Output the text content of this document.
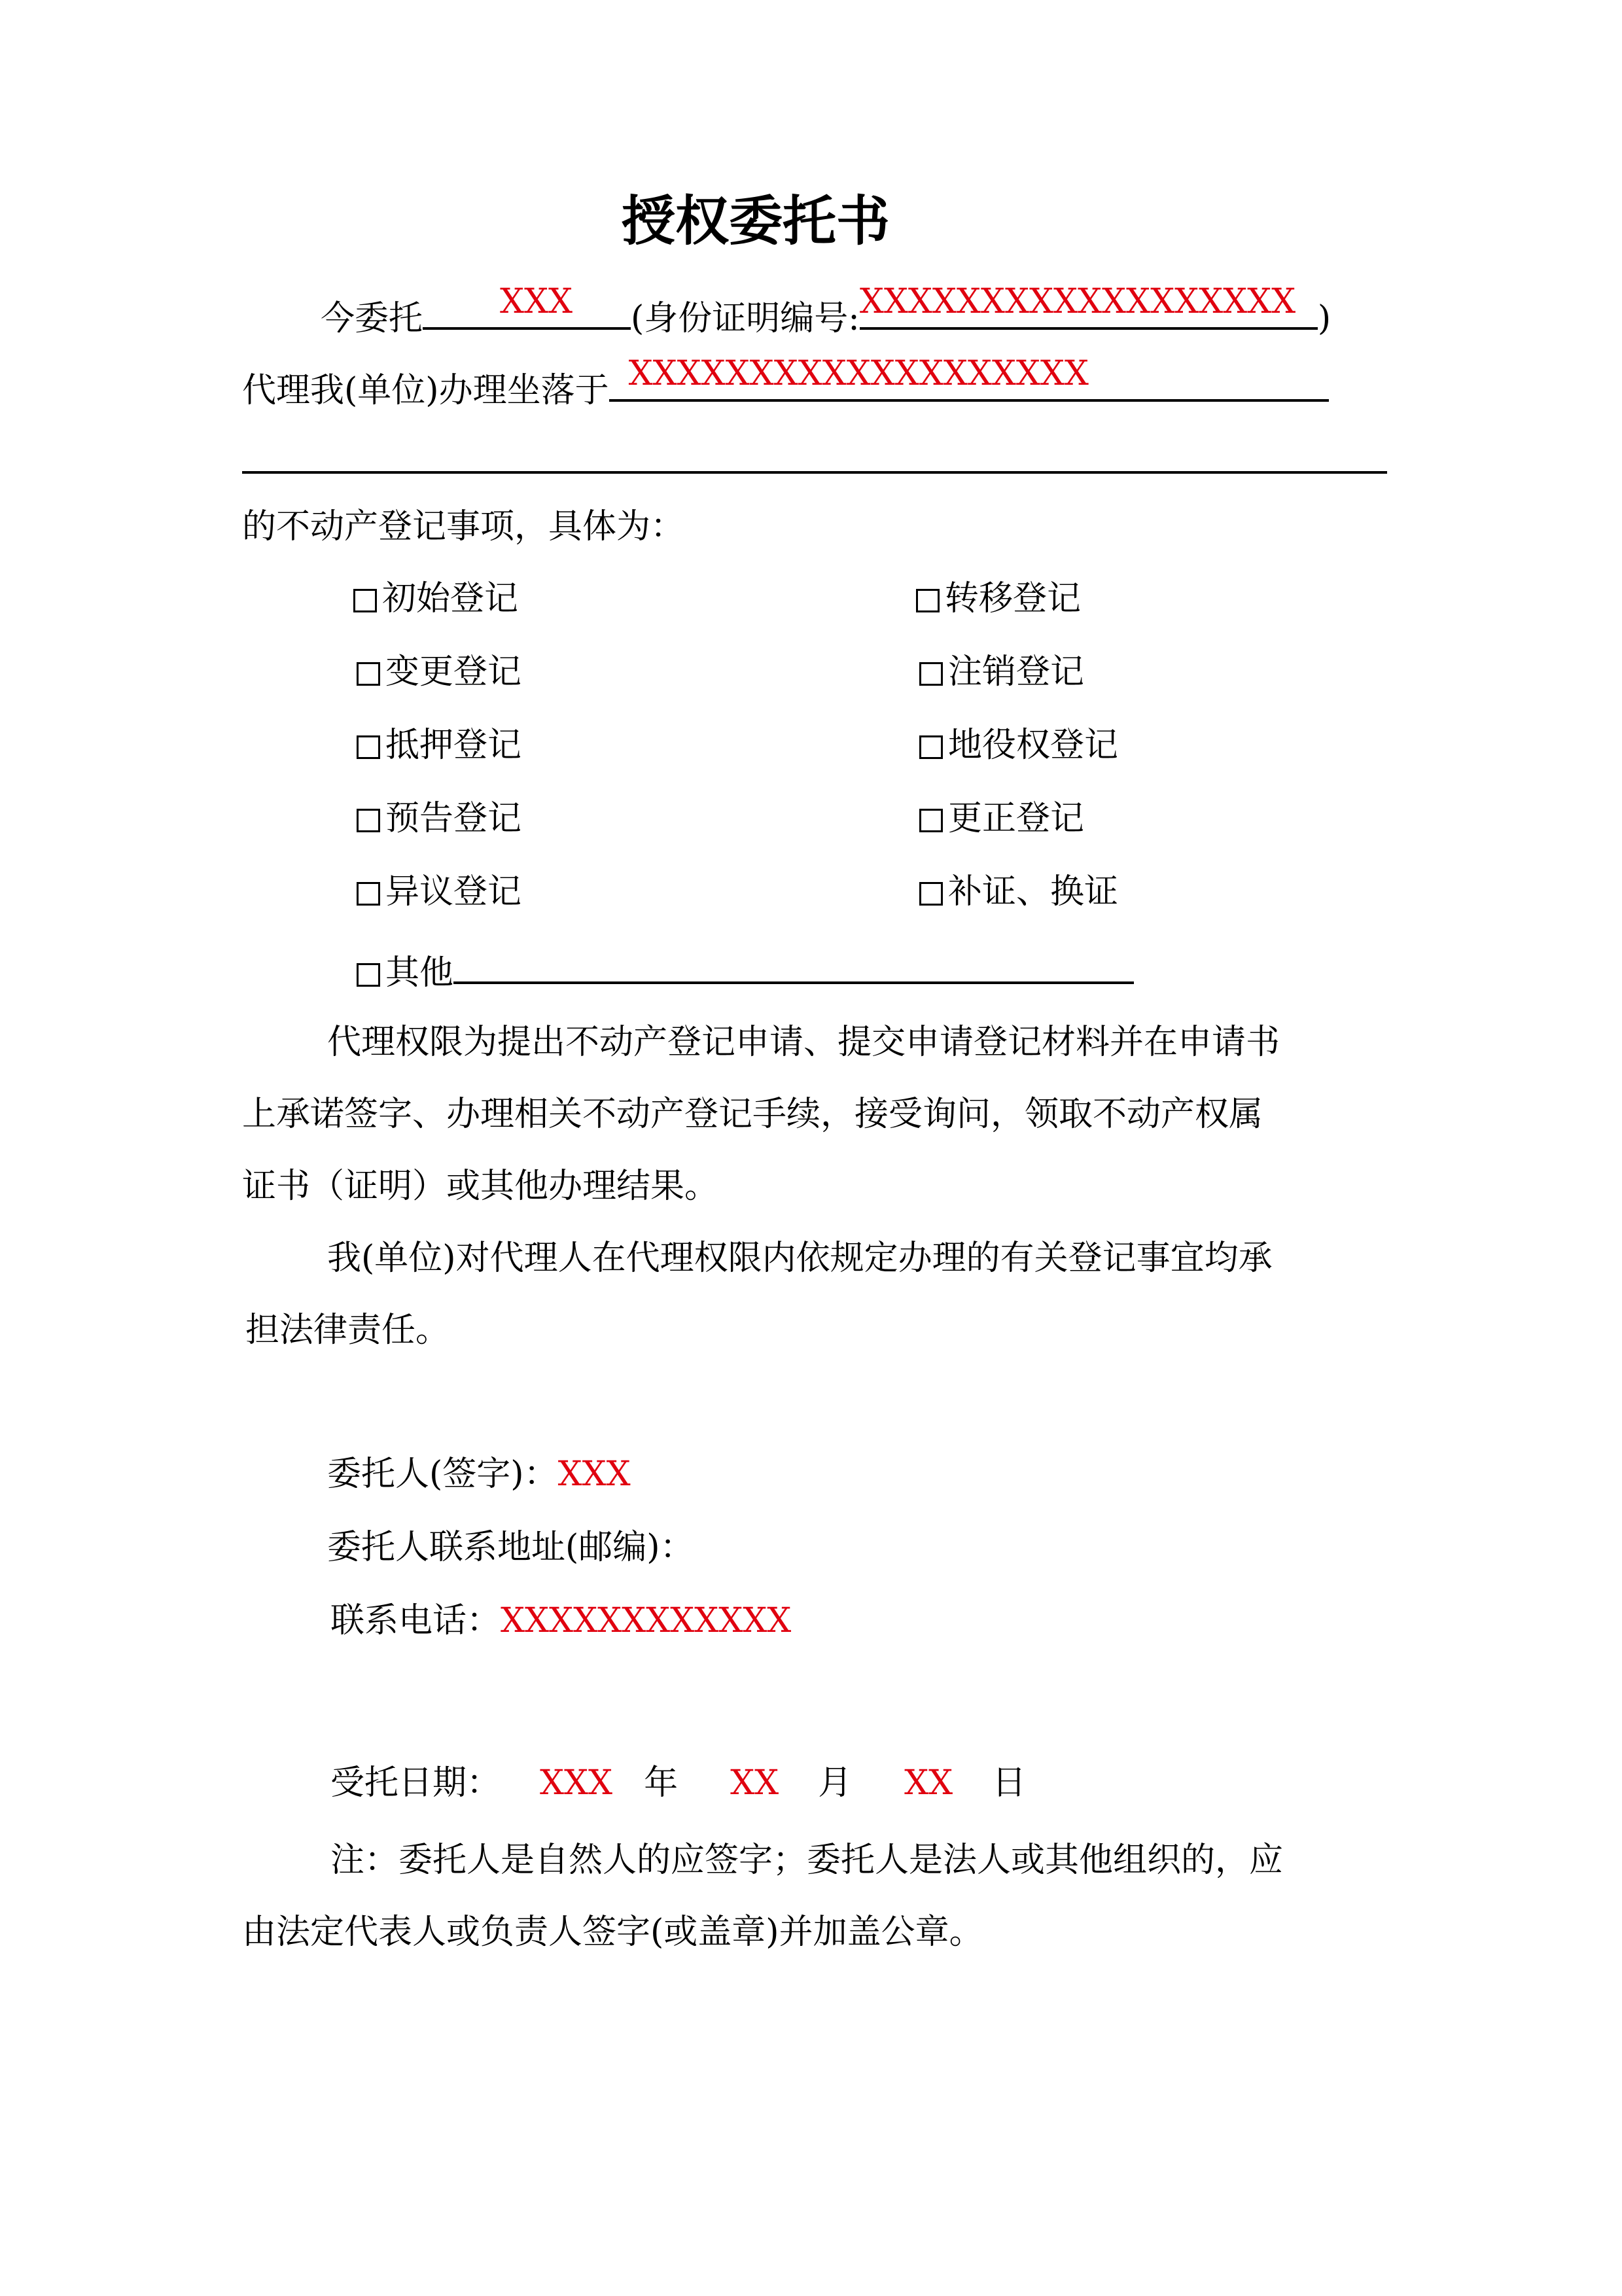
授权委托书
今委托 XXX (身份证明编号: XXXXXXXXXXXXXXXXXX )
代理我(单位)办理坐落于 XXXXXXXXXXXXXXXXXXX
的不动产登记事项，具体为：
初始登记
变更登记
抵押登记
预告登记
异议登记
其他
转移登记
注销登记
地役权登记
更正登记
补证、换证
代理权限为提出不动产登记申请、提交申请登记材料并在申请书
上承诺签字、办理相关不动产登记手续，接受询问，领取不动产权属
证书（证明）或其他办理结果。
我(单位)对代理人在代理权限内依规定办理的有关登记事宜均承
担法律责任。
委托人(签字)：XXX
委托人联系地址(邮编)：
联系电话：XXXXXXXXXXXX
受托日期： XXX 年 XX 月 XX 日
注：委托人是自然人的应签字；委托人是法人或其他组织的，应
由法定代表人或负责人签字(或盖章)并加盖公章。
